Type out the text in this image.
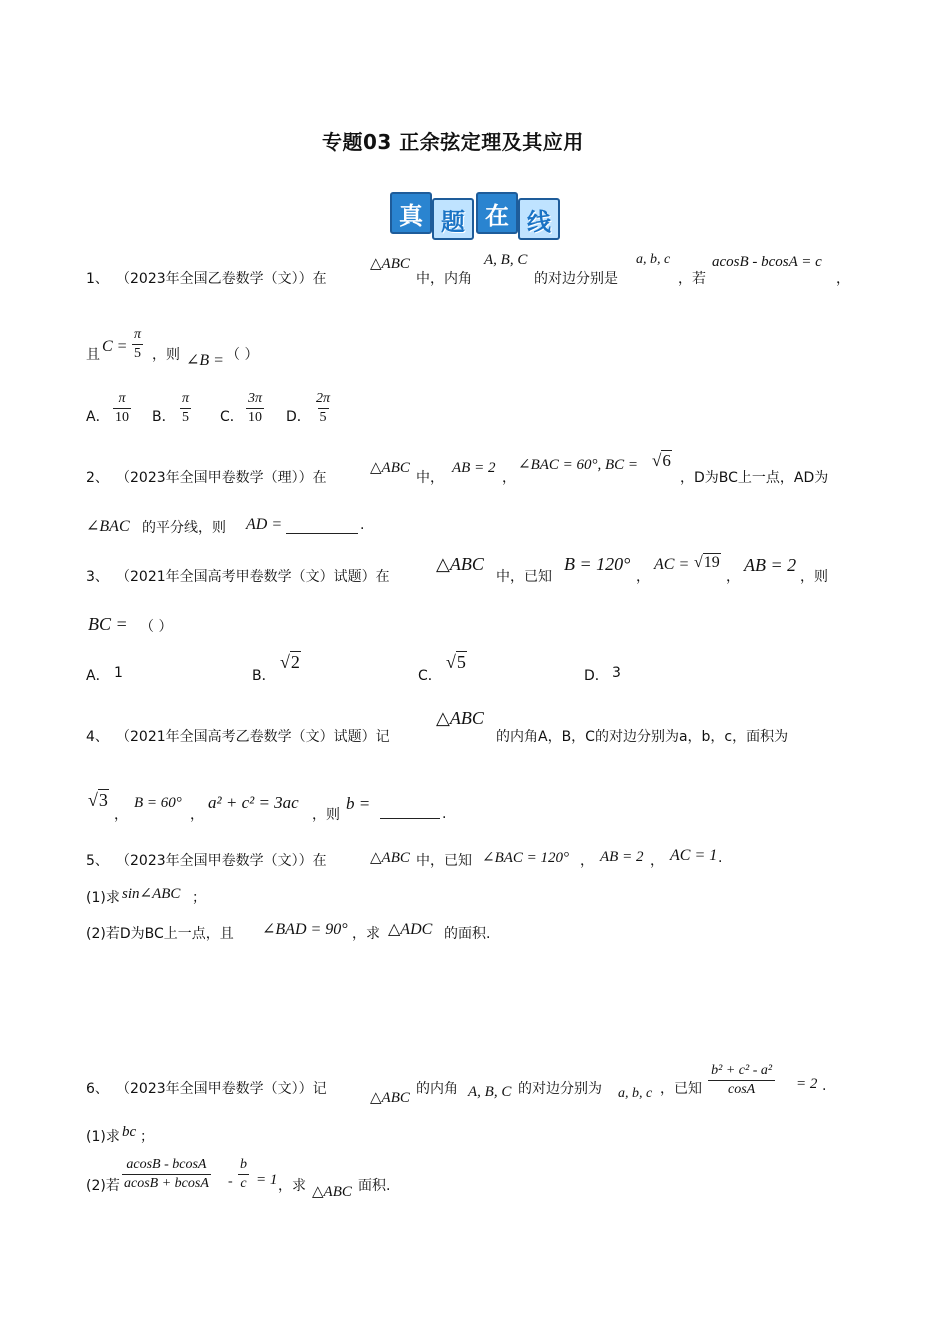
专题03 正余弦定理及其应用
真 题 在 线
1、 （2023年全国乙卷数学（文））在
△ABC
中，内角
A, B, C
的对边分别是
a, b, c
，若
acosB - bcosA = c
，
且 $C = \frac{\pi}{5}$ ，则 ∠B = （ ）
A． $\frac{\pi}{10}$ B． $\frac{\pi}{5}$ C． $\frac{3\pi}{10}$ D． $\frac{2\pi}{5}$
2、 （2023年全国甲卷数学（理））在
△ABC
中，
AB = 2
，
∠BAC = 60°, BC = √6
，D为BC上一点，AD为
∠BAC 的平分线，则 AD =	.
3、 （2021年全国高考甲卷数学（文）试题）在
△ABC
中，已知
B = 120°
，
AC = √19
，
AB = 2
，则
BC = （ ）
A． 1	B．
√2
C．
√5
D． 3
4、 （2021年全国高考乙卷数学（文）试题）记
△ABC
的内角A，B，C的对边分别为a，b，c，面积为
√3
，
B = 60°
，
a² + c² = 3ac
，则
b =
.
5、 （2023年全国甲卷数学（文））在	△ABC 中，已知 ∠BAC = 120° ， AB = 2 ， AC = 1 .
(1)求 sin∠ABC ；
(2)若D为BC上一点，且 ∠BAD = 90° ，求 △ADC 的面积.
6、 （2023年全国甲卷数学（文））记
△ABC
的内角 A, B, C 的对边分别为 a, b, c ，已知 $\frac{\text{b² + c² - a²}}{\cos A} = 2$ .
(1)求 bc ；
(2)若 $\frac{acosB - bcosA}{acosB + bcosA} - \frac{b}{c} = 1$ ，求 △ABC 面积.
